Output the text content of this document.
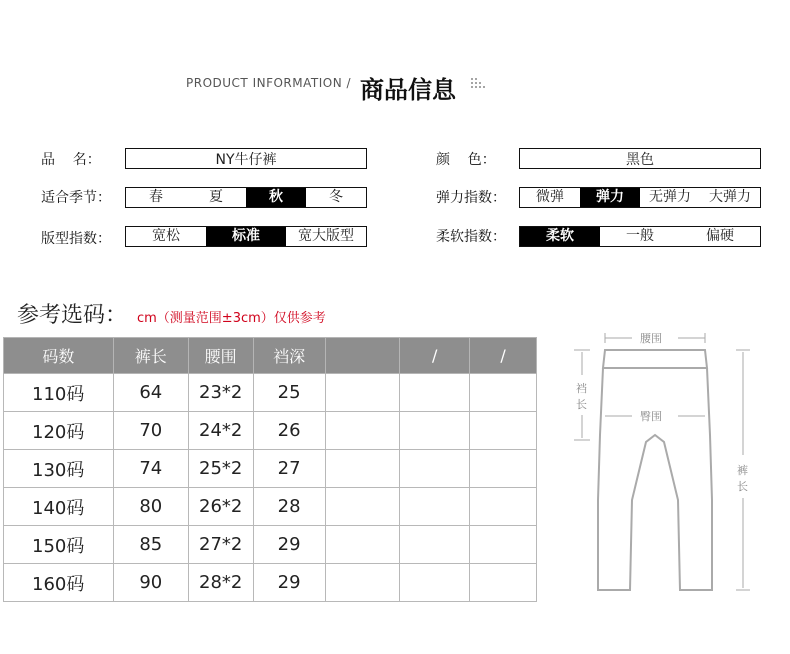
PRODUCT INFORMATION / 商品信息
品    名：	NY牛仔裤	颜    色：	黑色
适合季节：	春	夏	秋	冬	弹力指数：	微弹	弹力	无弹力	大弹力
版型指数：	宽松	标准	宽大版型	柔软指数：	柔软	一般	偏硬
参考选码： cm（测量范围±3cm）仅供参考
码数	裤长	腰围	裆深		/	/
110码	64	23*2	25			
120码	70	24*2	26			
130码	74	25*2	27			
140码	80	26*2	28			
150码	85	27*2	29			
160码	90	28*2	29			
腰围
臀围
裆
长
裤
长
